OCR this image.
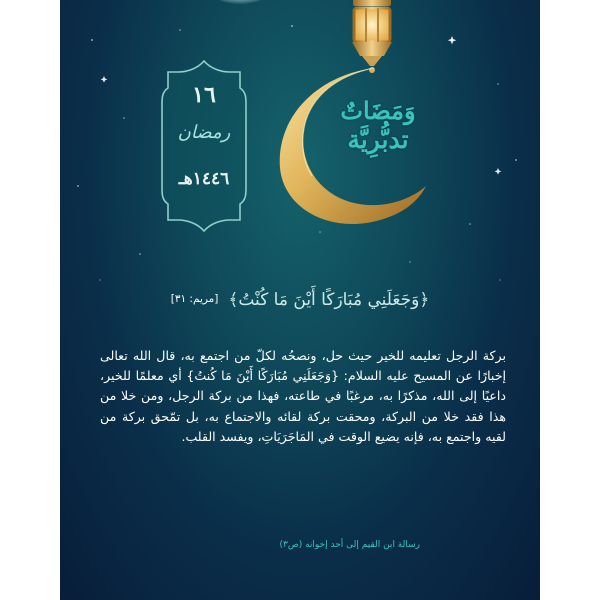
١٦
رمضان
١٤٤٦هـ
وَمَضَاتٌ
تدبُّرِيَّة
﴿وَجَعَلَنِي مُبَارَكًا أَيْنَ مَا كُنْتُ﴾
[مريم: ٣١]

بركة الرجل تعليمه للخير حيث حل، ونصحُه لكلّ من اجتمع به، قال الله تعالى إخبارًا عن المسيح عليه السلام: {وَجَعَلَنِي مُبَارَكًا أَيْنَ مَا كُنتُ} أي معلمًا للخير، داعيًا إلى الله، مذكرًا به، مرغبًا في طاعته، فهذا من بركة الرجل، ومن خلا من هذا فقد خلا من البركة، ومحقت بركة لقائه والاجتماع به، بل تمّحق بركة من لقيه واجتمع به، فإنه يضيع الوقت في المَاجَرَيَاتِ، ويفسد القلب.

رسالة ابن القيم إلى أحد إخوانه (ص٣)
